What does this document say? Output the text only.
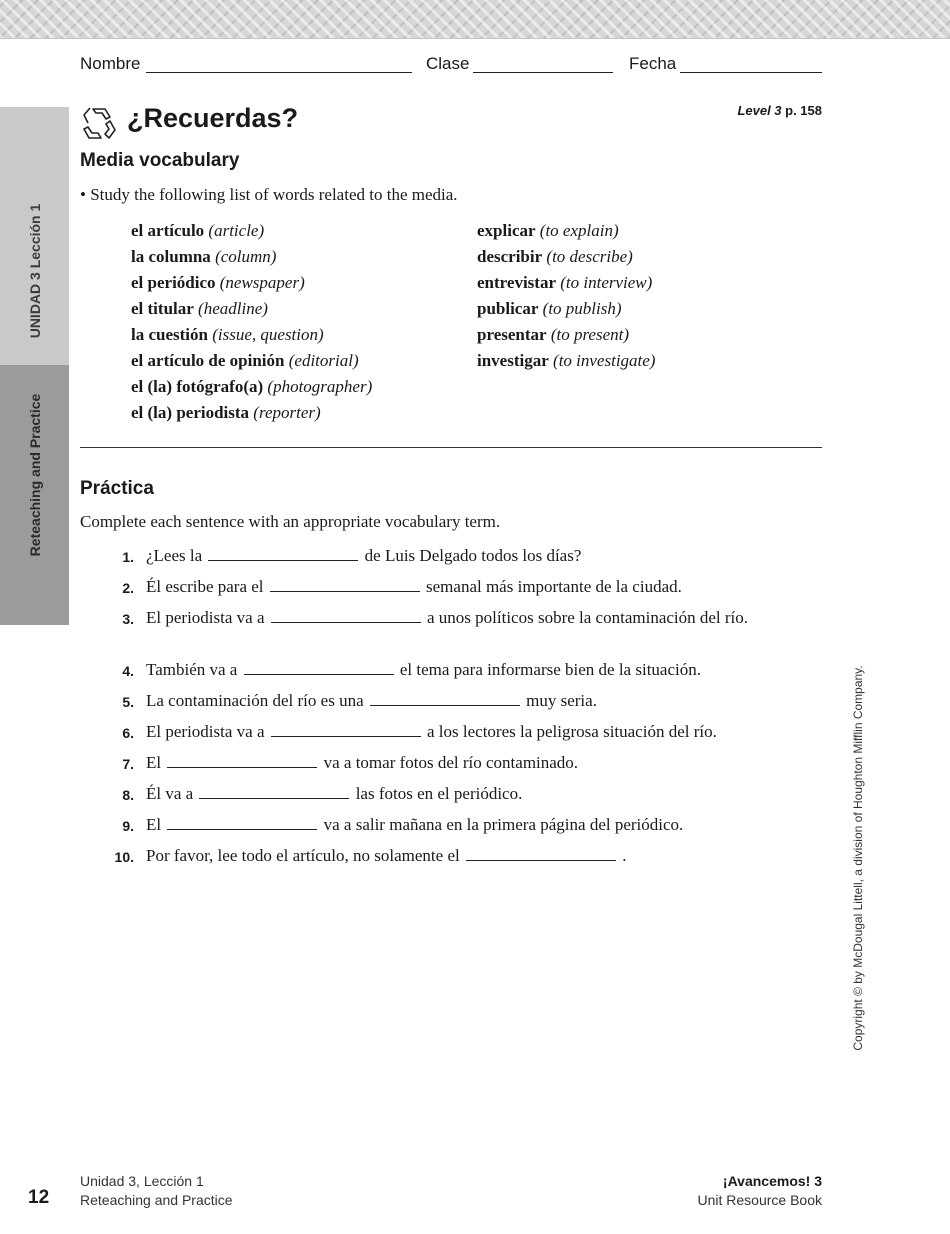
Nombre	Clase	Fecha
UNIDAD 3 Lección 1
Reteaching and Practice
¿Recuerdas?	Level 3 p. 158
Media vocabulary
• Study the following list of words related to the media.
el artículo (article)
la columna (column)
el periódico (newspaper)
el titular (headline)
la cuestión (issue, question)
el artículo de opinión (editorial)
el (la) fotógrafo(a) (photographer)
el (la) periodista (reporter)
explicar (to explain)
describir (to describe)
entrevistar (to interview)
publicar (to publish)
presentar (to present)
investigar (to investigate)
Práctica
Complete each sentence with an appropriate vocabulary term.
1. ¿Lees la	de Luis Delgado todos los días?
2. Él escribe para el	semanal más importante de la ciudad.
3. El periodista va a	a unos políticos sobre la contaminación del río.
4. También va a	el tema para informarse bien de la situación.
5. La contaminación del río es una	muy seria.
6. El periodista va a	a los lectores la peligrosa situación del río.
7. El	va a tomar fotos del río contaminado.
8. Él va a	las fotos en el periódico.
9. El	va a salir mañana en la primera página del periódico.
10. Por favor, lee todo el artículo, no solamente el	.	Copyright © by McDougal Littell, a division of Houghton Mifflin Company.
12
Unidad 3, Lección 1
Reteaching and Practice
¡Avancemos! 3
Unit Resource Book
